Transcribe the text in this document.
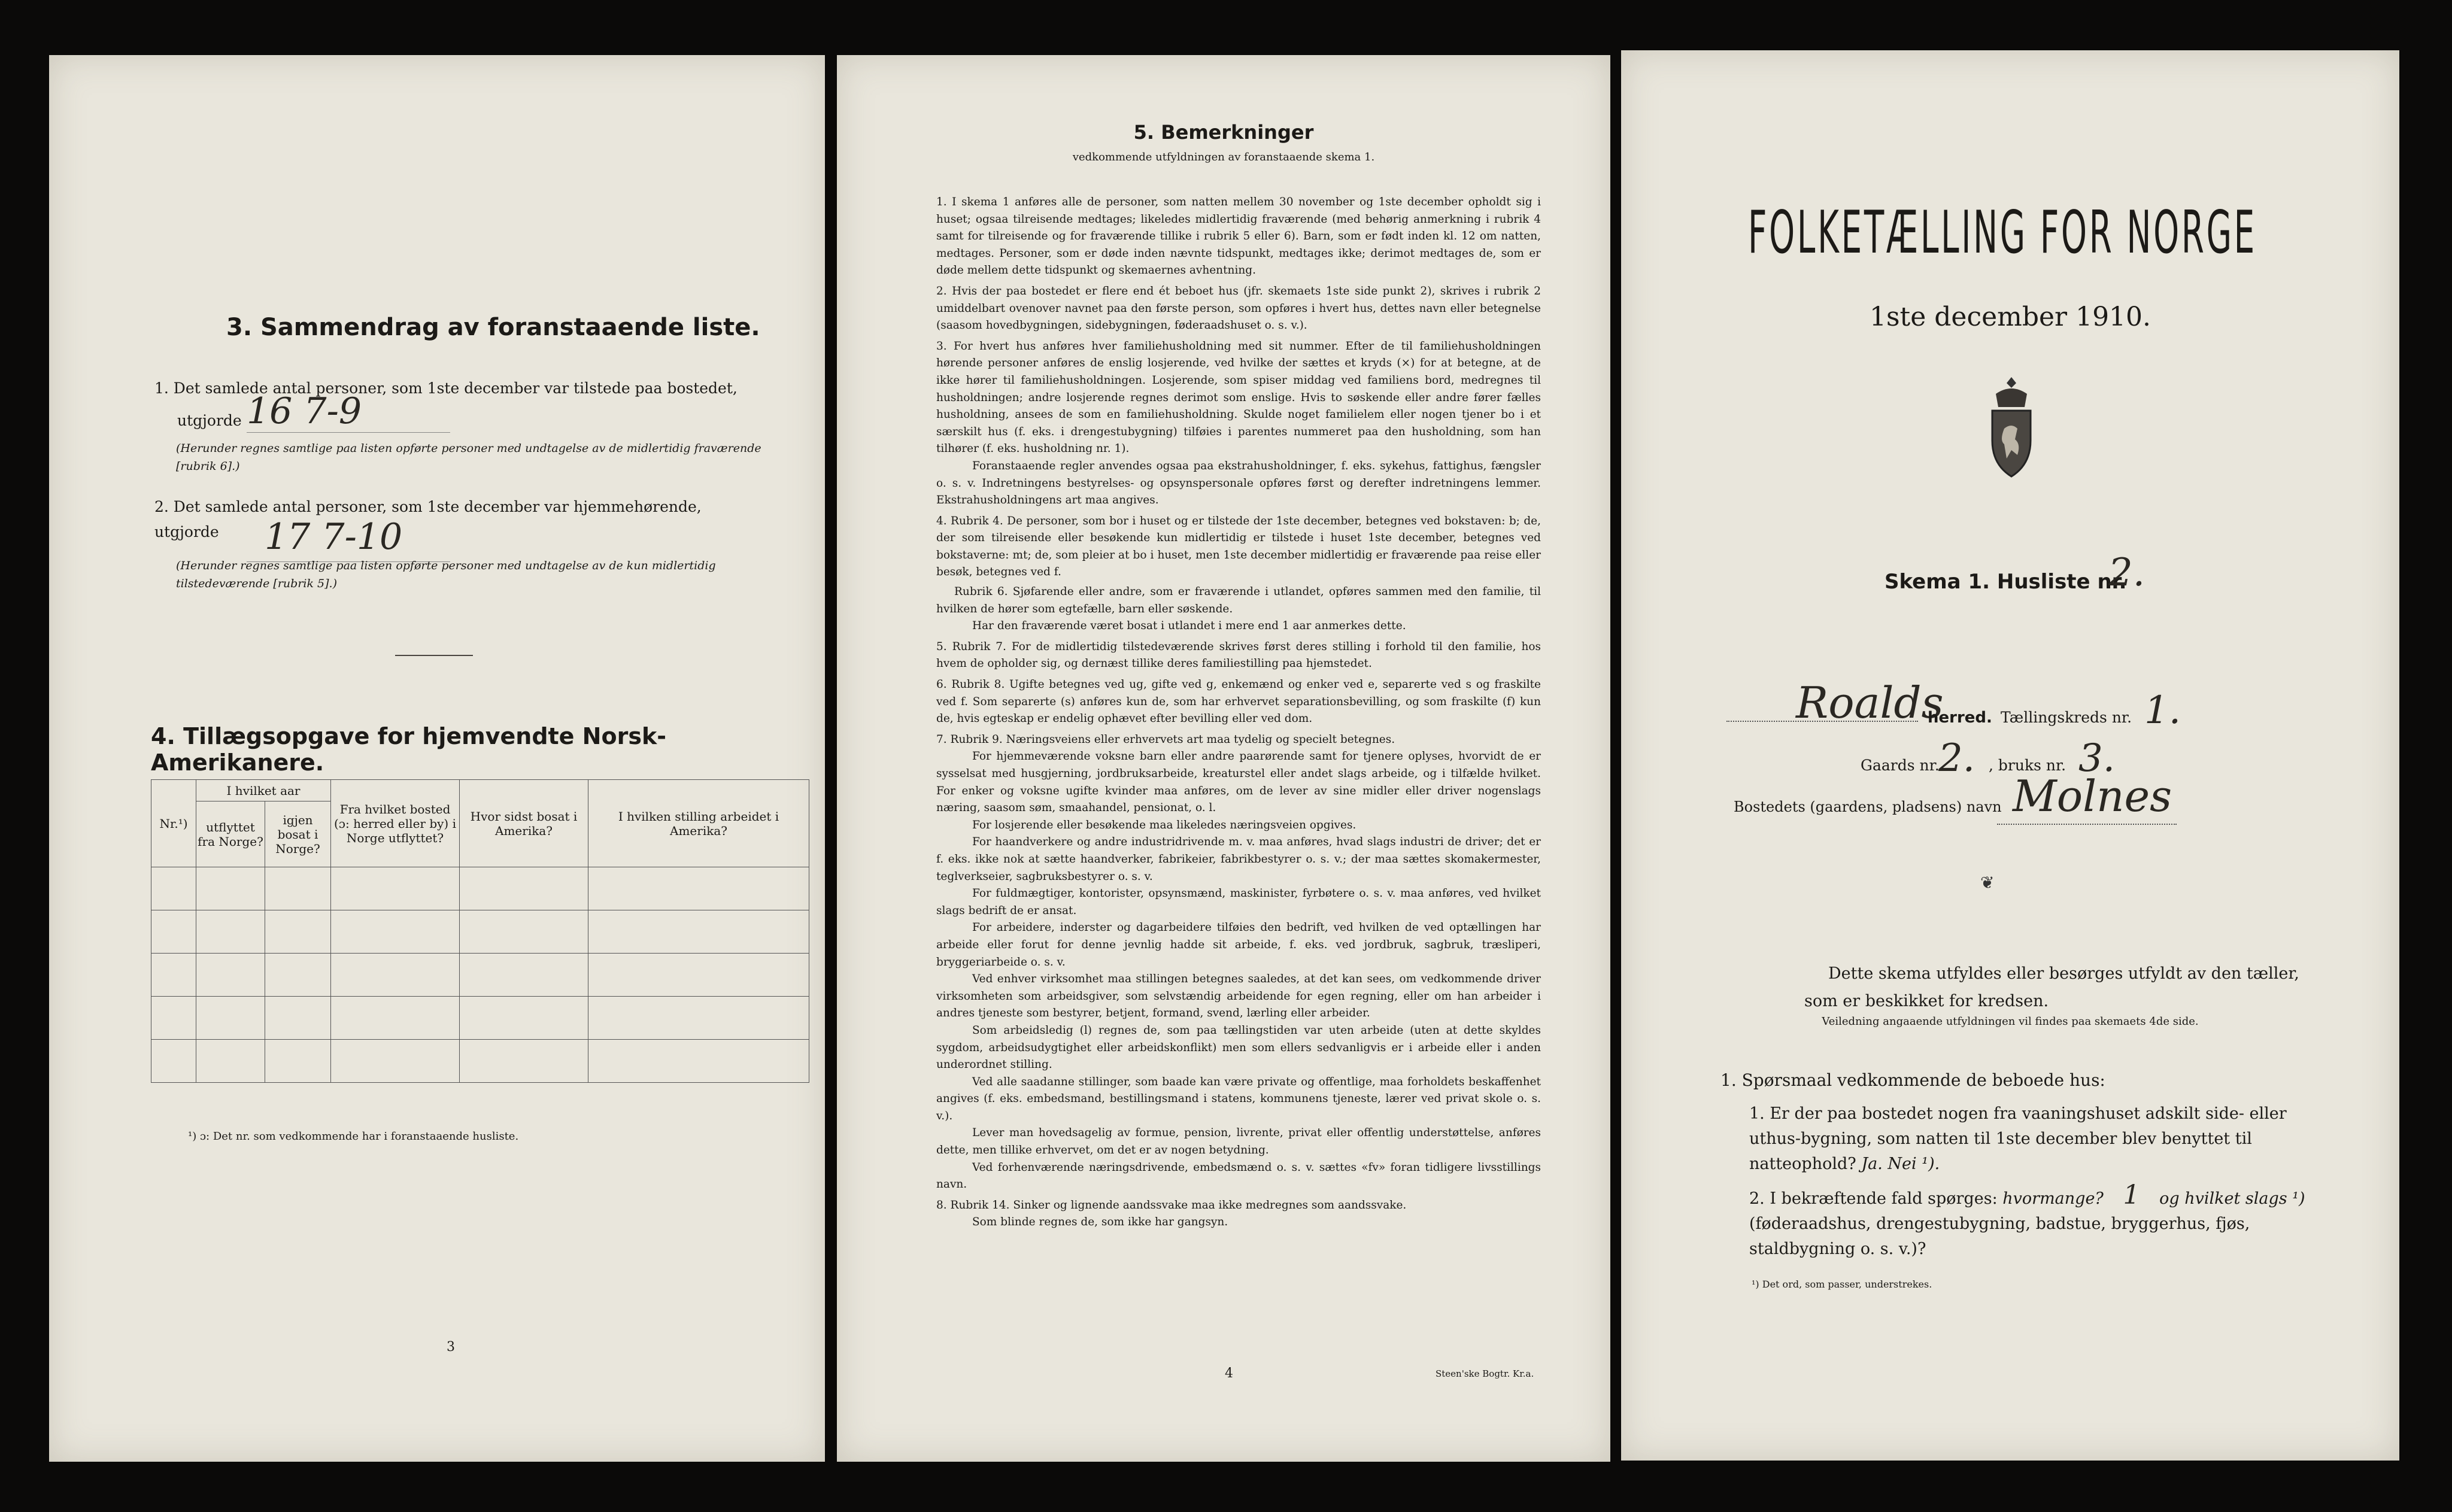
3. Sammendrag av foranstaaende liste.
1. Det samlede antal personer, som 1ste december var tilstede paa bostedet,
utgjorde 16 7-9
(Herunder regnes samtlige paa listen opførte personer med undtagelse av de midlertidig fraværende [rubrik 6].)
2. Det samlede antal personer, som 1ste december var hjemmehørende, utgjorde	17 7-10
(Herunder regnes samtlige paa listen opførte personer med undtagelse av de kun midlertidig tilstedeværende [rubrik 5].)
4. Tillægsopgave for hjemvendte Norsk-Amerikanere.
Nr.¹)	I hvilket aar		Fra hvilket bosted (ɔ: herred eller by) i Norge utflyttet?	Hvor sidst bosat i Amerika?	I hvilken stilling arbeidet i Amerika?
	utflyttet fra Norge?	igjen bosat i Norge?			

¹) ɔ: Det nr. som vedkommende har i foranstaaende husliste.
3
5. Bemerkninger
vedkommende utfyldningen av foranstaaende skema 1.

1. I skema 1 anføres alle de personer, som natten mellem 30 november og 1ste december opholdt sig i huset; ogsaa tilreisende medtages; likeledes midlertidig fraværende (med behørig anmerkning i rubrik 4 samt for tilreisende og for fraværende tillike i rubrik 5 eller 6). Barn, som er født inden kl. 12 om natten, medtages. Personer, som er døde inden nævnte tidspunkt, medtages ikke; derimot medtages de, som er døde mellem dette tidspunkt og skemaernes avhentning.

2. Hvis der paa bostedet er flere end ét beboet hus (jfr. skemaets 1ste side punkt 2), skrives i rubrik 2 umiddelbart ovenover navnet paa den første person, som opføres i hvert hus, dettes navn eller betegnelse (saasom hovedbygningen, sidebygningen, føderaadshuset o. s. v.).

3. For hvert hus anføres hver familiehusholdning med sit nummer. Efter de til familiehusholdningen hørende personer anføres de enslig losjerende, ved hvilke der sættes et kryds (×) for at betegne, at de ikke hører til familiehusholdningen. Losjerende, som spiser middag ved familiens bord, medregnes til husholdningen; andre losjerende regnes derimot som enslige. Hvis to søskende eller andre fører fælles husholdning, ansees de som en familiehusholdning. Skulde noget familielem eller nogen tjener bo i et særskilt hus (f. eks. i drengestubygning) tilføies i parentes nummeret paa den husholdning, som han tilhører (f. eks. husholdning nr. 1).

Foranstaaende regler anvendes ogsaa paa ekstrahusholdninger, f. eks. sykehus, fattighus, fængsler o. s. v. Indretningens bestyrelses- og opsynspersonale opføres først og derefter indretningens lemmer. Ekstrahusholdningens art maa angives.

4. Rubrik 4. De personer, som bor i huset og er tilstede der 1ste december, betegnes ved bokstaven: b; de, der som tilreisende eller besøkende kun midlertidig er tilstede i huset 1ste december, betegnes ved bokstaverne: mt; de, som pleier at bo i huset, men 1ste december midlertidig er fraværende paa reise eller besøk, betegnes ved f.

Rubrik 6. Sjøfarende eller andre, som er fraværende i utlandet, opføres sammen med den familie, til hvilken de hører som egtefælle, barn eller søskende.

Har den fraværende været bosat i utlandet i mere end 1 aar anmerkes dette.

5. Rubrik 7. For de midlertidig tilstedeværende skrives først deres stilling i forhold til den familie, hos hvem de opholder sig, og dernæst tillike deres familiestilling paa hjemstedet.

6. Rubrik 8. Ugifte betegnes ved ug, gifte ved g, enkemænd og enker ved e, separerte ved s og fraskilte ved f. Som separerte (s) anføres kun de, som har erhvervet separationsbevilling, og som fraskilte (f) kun de, hvis egteskap er endelig ophævet efter bevilling eller ved dom.

7. Rubrik 9. Næringsveiens eller erhvervets art maa tydelig og specielt betegnes.

For hjemmeværende voksne barn eller andre paarørende samt for tjenere oplyses, hvorvidt de er sysselsat med husgjerning, jordbruksarbeide, kreaturstel eller andet slags arbeide, og i tilfælde hvilket. For enker og voksne ugifte kvinder maa anføres, om de lever av sine midler eller driver nogenslags næring, saasom søm, smaahandel, pensionat, o. l.

For losjerende eller besøkende maa likeledes næringsveien opgives.

For haandverkere og andre industridrivende m. v. maa anføres, hvad slags industri de driver; det er f. eks. ikke nok at sætte haandverker, fabrikeier, fabrikbestyrer o. s. v.; der maa sættes skomakermester, teglverkseier, sagbruksbestyrer o. s. v.

For fuldmægtiger, kontorister, opsynsmænd, maskinister, fyrbøtere o. s. v. maa anføres, ved hvilket slags bedrift de er ansat.

For arbeidere, inderster og dagarbeidere tilføies den bedrift, ved hvilken de ved optællingen har arbeide eller forut for denne jevnlig hadde sit arbeide, f. eks. ved jordbruk, sagbruk, træsliperi, bryggeriarbeide o. s. v.

Ved enhver virksomhet maa stillingen betegnes saaledes, at det kan sees, om vedkommende driver virksomheten som arbeidsgiver, som selvstændig arbeidende for egen regning, eller om han arbeider i andres tjeneste som bestyrer, betjent, formand, svend, lærling eller arbeider.

Som arbeidsledig (l) regnes de, som paa tællingstiden var uten arbeide (uten at dette skyldes sygdom, arbeidsudygtighet eller arbeidskonflikt) men som ellers sedvanligvis er i arbeide eller i anden underordnet stilling.

Ved alle saadanne stillinger, som baade kan være private og offentlige, maa forholdets beskaffenhet angives (f. eks. embedsmand, bestillingsmand i statens, kommunens tjeneste, lærer ved privat skole o. s. v.).

Lever man hovedsagelig av formue, pension, livrente, privat eller offentlig understøttelse, anføres dette, men tillike erhvervet, om det er av nogen betydning.

Ved forhenværende næringsdrivende, embedsmænd o. s. v. sættes «fv» foran tidligere livsstillings navn.

8. Rubrik 14. Sinker og lignende aandssvake maa ikke medregnes som aandssvake.

Som blinde regnes de, som ikke har gangsyn.

4	Steen'ske Bogtr. Kr.a.
FOLKETÆLLING FOR NORGE
1ste december 1910.
Skema 1. Husliste nr.
2.
Roalds
herred. Tællingskreds nr. 1.
Gaards nr.
2. , bruks nr. 3.
Bostedets (gaardens, pladsens) navn Molnes
❦
Dette skema utfyldes eller besørges utfyldt av den tæller, som er beskikket for kredsen.
Veiledning angaaende utfyldningen vil findes paa skemaets 4de side.
1. Spørsmaal vedkommende de beboede hus:
1. Er der paa bostedet nogen fra vaaningshuset adskilt side- eller uthus-bygning, som natten til 1ste december blev benyttet til natteophold? Ja. Nei ¹).
2. I bekræftende fald spørges: hvormange? 1 og hvilket slags ¹) (føderaadshus, drengestubygning, badstue, bryggerhus, fjøs, staldbygning o. s. v.)?
¹) Det ord, som passer, understrekes.
